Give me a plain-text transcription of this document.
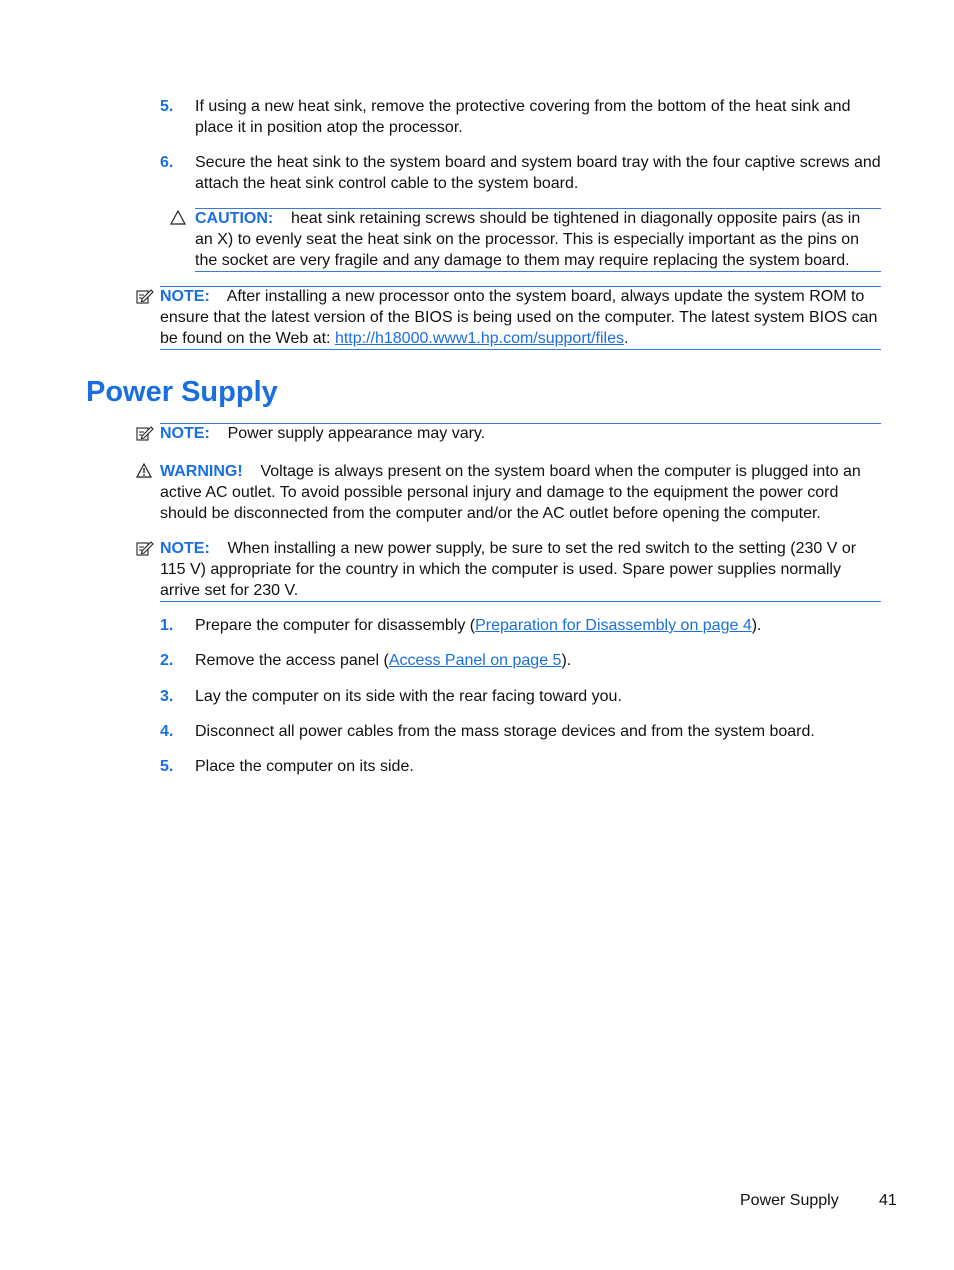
5. If using a new heat sink, remove the protective covering from the bottom of the heat sink and place it in position atop the processor.
6. Secure the heat sink to the system board and system board tray with the four captive screws and attach the heat sink control cable to the system board.
CAUTION: heat sink retaining screws should be tightened in diagonally opposite pairs (as in an X) to evenly seat the heat sink on the processor. This is especially important as the pins on the socket are very fragile and any damage to them may require replacing the system board.
NOTE: After installing a new processor onto the system board, always update the system ROM to ensure that the latest version of the BIOS is being used on the computer. The latest system BIOS can be found on the Web at: http://h18000.www1.hp.com/support/files.
Power Supply
NOTE: Power supply appearance may vary.
WARNING! Voltage is always present on the system board when the computer is plugged into an active AC outlet. To avoid possible personal injury and damage to the equipment the power cord should be disconnected from the computer and/or the AC outlet before opening the computer.
NOTE: When installing a new power supply, be sure to set the red switch to the setting (230 V or 115 V) appropriate for the country in which the computer is used. Spare power supplies normally arrive set for 230 V.
1. Prepare the computer for disassembly (Preparation for Disassembly on page 4).
2. Remove the access panel (Access Panel on page 5).
3. Lay the computer on its side with the rear facing toward you.
4. Disconnect all power cables from the mass storage devices and from the system board.
5. Place the computer on its side.
Power Supply	41
